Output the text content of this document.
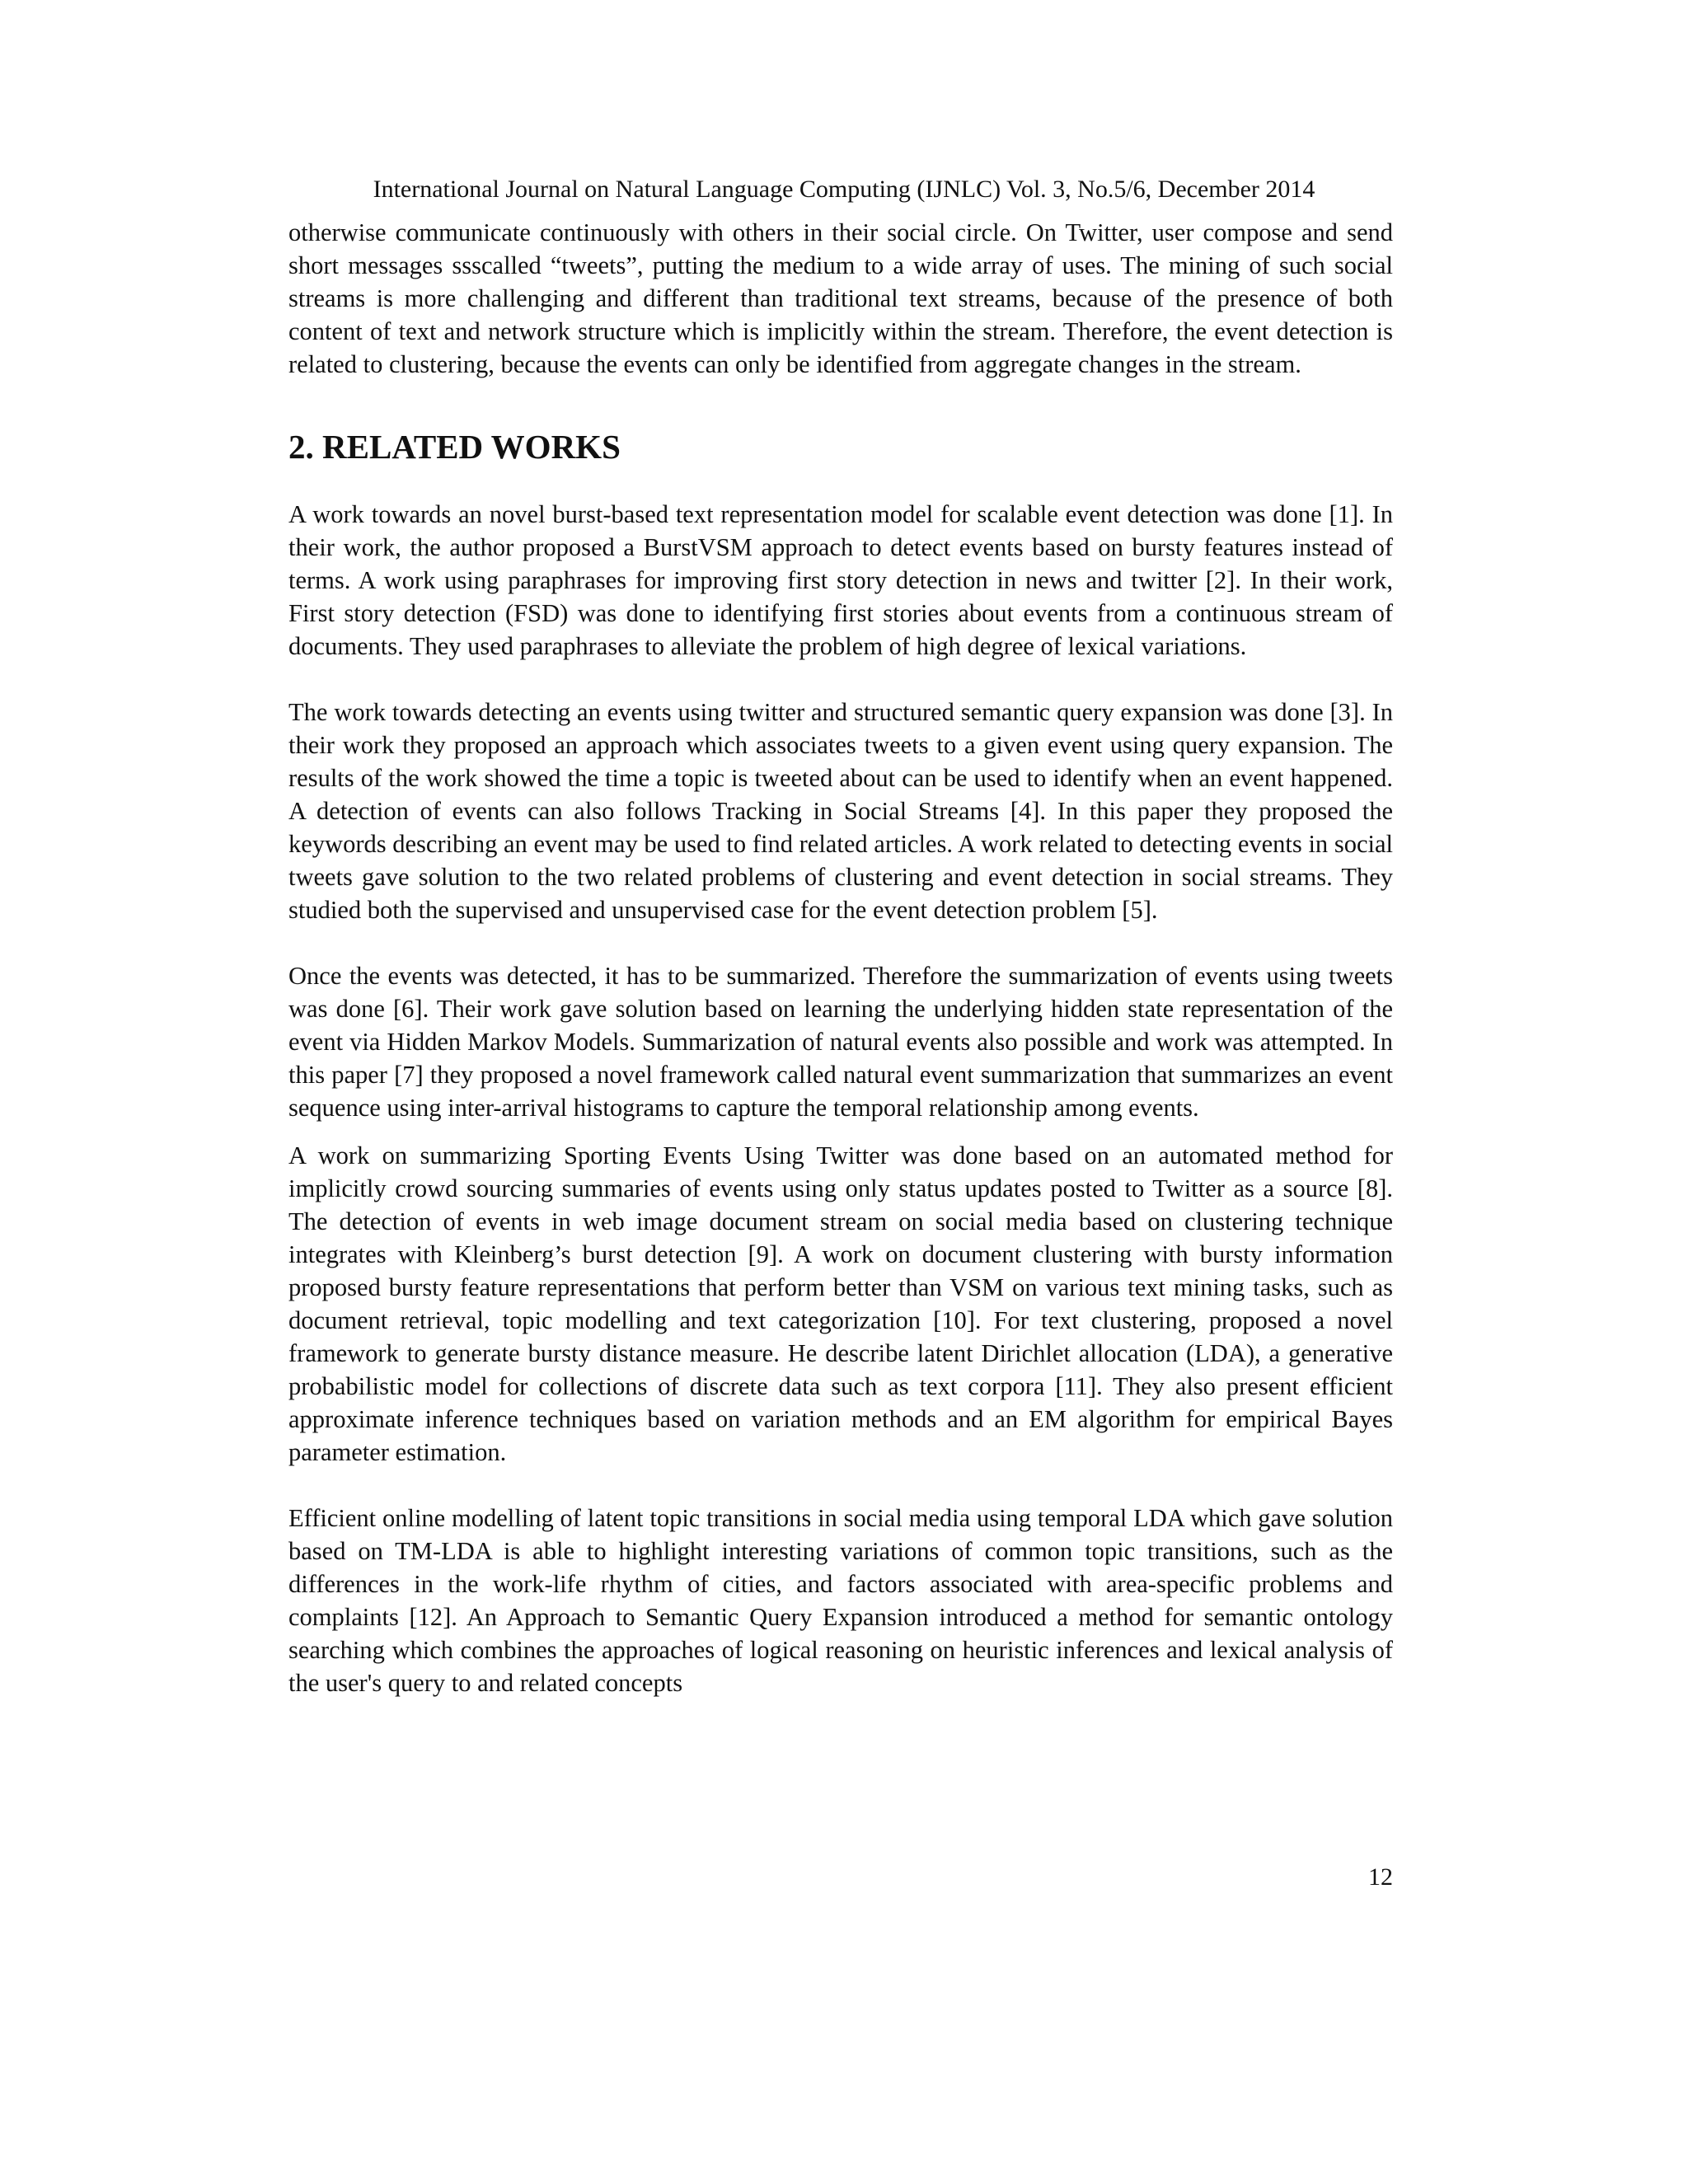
International Journal on Natural Language Computing (IJNLC) Vol. 3, No.5/6, December 2014

otherwise communicate continuously with others in their social circle. On Twitter, user compose and send short messages ssscalled “tweets”, putting the medium to a wide array of uses. The mining of such social streams is more challenging and different than traditional text streams, because of the presence of both content of text and network structure which is implicitly within the stream. Therefore, the event detection is related to clustering, because the events can only be identified from aggregate changes in the stream.

2. RELATED WORKS

A work towards an novel burst-based text representation model for scalable event detection was done [1]. In their work, the author proposed a BurstVSM approach to detect events based on bursty features instead of terms. A work using paraphrases for improving first story detection in news and twitter [2]. In their work, First story detection (FSD) was done to identifying first stories about events from a continuous stream of documents. They used paraphrases to alleviate the problem of high degree of lexical variations.

The work towards detecting an events using twitter and structured semantic query expansion was done [3]. In their work they proposed an approach which associates tweets to a given event using query expansion. The results of the work showed the time a topic is tweeted about can be used to identify when an event happened. A detection of events can also follows Tracking in Social Streams [4]. In this paper they proposed the keywords describing an event may be used to find related articles. A work related to detecting events in social tweets gave solution to the two related problems of clustering and event detection in social streams. They studied both the supervised and unsupervised case for the event detection problem [5].

Once the events was detected, it has to be summarized. Therefore the summarization of events using tweets was done [6]. Their work gave solution based on learning the underlying hidden state representation of the event via Hidden Markov Models. Summarization of natural events also possible and work was attempted. In this paper [7] they proposed a novel framework called natural event summarization that summarizes an event sequence using inter-arrival histograms to capture the temporal relationship among events.

A work on summarizing Sporting Events Using Twitter was done based on an automated method for implicitly crowd sourcing summaries of events using only status updates posted to Twitter as a source [8]. The detection of events in web image document stream on social media based on clustering technique integrates with Kleinberg’s burst detection [9]. A work on document clustering with bursty information proposed bursty feature representations that perform better than VSM on various text mining tasks, such as document retrieval, topic modelling and text categorization [10]. For text clustering, proposed a novel framework to generate bursty distance measure. He describe latent Dirichlet allocation (LDA), a generative probabilistic model for collections of discrete data such as text corpora [11]. They also present efficient approximate inference techniques based on variation methods and an EM algorithm for empirical Bayes parameter estimation.

Efficient online modelling of latent topic transitions in social media using temporal LDA which gave solution based on TM-LDA is able to highlight interesting variations of common topic transitions, such as the differences in the work-life rhythm of cities, and factors associated with area-specific problems and complaints [12]. An Approach to Semantic Query Expansion introduced a method for semantic ontology searching which combines the approaches of logical reasoning on heuristic inferences and lexical analysis of the user's query to and related concepts

12
